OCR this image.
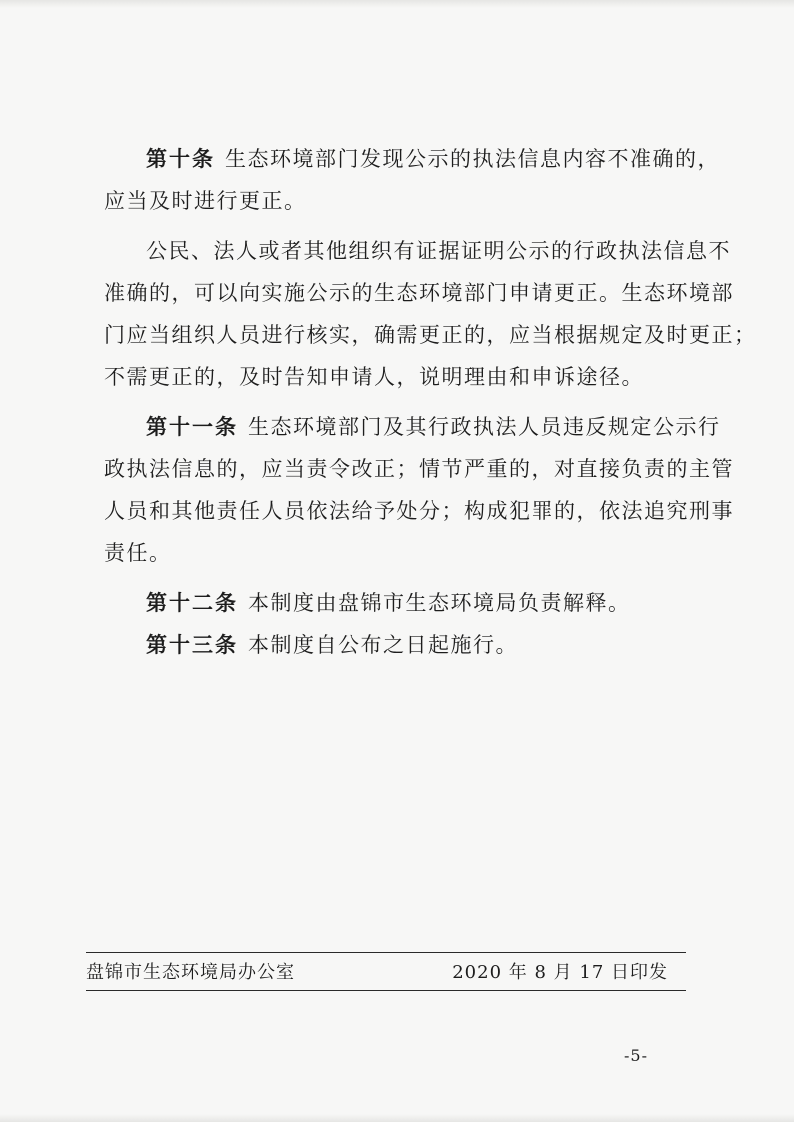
第十条 生态环境部门发现公示的执法信息内容不准确的，
应当及时进行更正。
公民、法人或者其他组织有证据证明公示的行政执法信息不
准确的，可以向实施公示的生态环境部门申请更正。生态环境部
门应当组织人员进行核实，确需更正的，应当根据规定及时更正；
不需更正的，及时告知申请人，说明理由和申诉途径。
第十一条 生态环境部门及其行政执法人员违反规定公示行
政执法信息的，应当责令改正；情节严重的，对直接负责的主管
人员和其他责任人员依法给予处分；构成犯罪的，依法追究刑事
责任。
第十二条 本制度由盘锦市生态环境局负责解释。
第十三条 本制度自公布之日起施行。
盘锦市生态环境局办公室	2020 年 8 月 17 日印发
-5-
